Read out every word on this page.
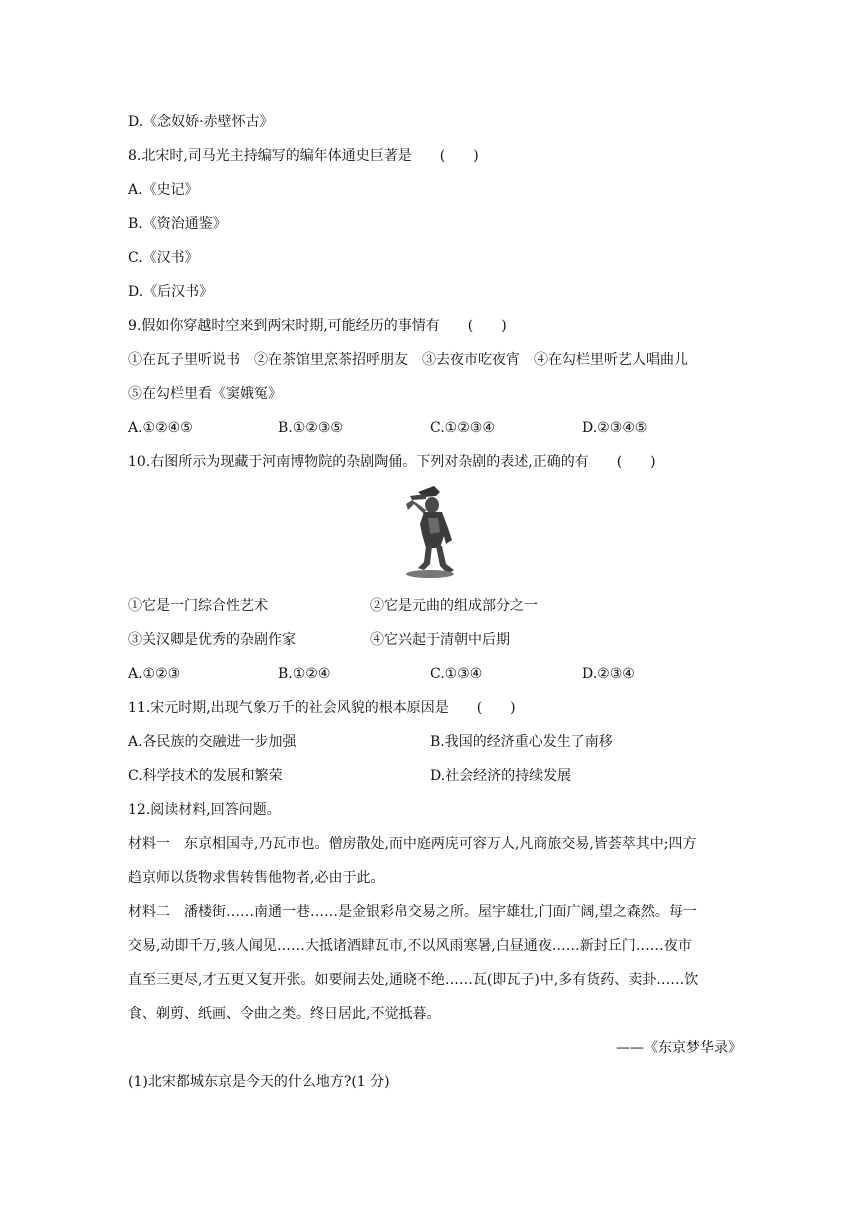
D.《念奴娇·赤壁怀古》
8.北宋时,司马光主持编写的编年体通史巨著是　　(　　)
A.《史记》
B.《资治通鉴》
C.《汉书》
D.《后汉书》
9.假如你穿越时空来到两宋时期,可能经历的事情有　　(　　)
①在瓦子里听说书　②在茶馆里烹茶招呼朋友　③去夜市吃夜宵　④在勾栏里听艺人唱曲儿
⑤在勾栏里看《窦娥冤》
A.①②④⑤	B.①②③⑤	C.①②③④	D.②③④⑤
10.右图所示为现藏于河南博物院的杂剧陶俑。下列对杂剧的表述,正确的有　　(　　)
①它是一门综合性艺术	②它是元曲的组成部分之一
③关汉卿是优秀的杂剧作家	④它兴起于清朝中后期
A.①②③	B.①②④	C.①③④	D.②③④
11.宋元时期,出现气象万千的社会风貌的根本原因是　　(　　)
A.各民族的交融进一步加强	B.我国的经济重心发生了南移
C.科学技术的发展和繁荣	D.社会经济的持续发展
12.阅读材料,回答问题。
材料一　东京相国寺,乃瓦市也。僧房散处,而中庭两庑可容万人,凡商旅交易,皆荟萃其中;四方
趋京师以货物求售转售他物者,必由于此。
材料二　潘楼街……南通一巷……是金银彩帛交易之所。屋宇雄壮,门面广阔,望之森然。每一
交易,动即千万,骇人闻见……大抵诸酒肆瓦市,不以风雨寒暑,白昼通夜……新封丘门……夜市
直至三更尽,才五更又复开张。如要闹去处,通晓不绝……瓦(即瓦子)中,多有货药、卖卦……饮
食、剃剪、纸画、令曲之类。终日居此,不觉抵暮。
——《东京梦华录》
(1)北宋都城东京是今天的什么地方?(1 分)
